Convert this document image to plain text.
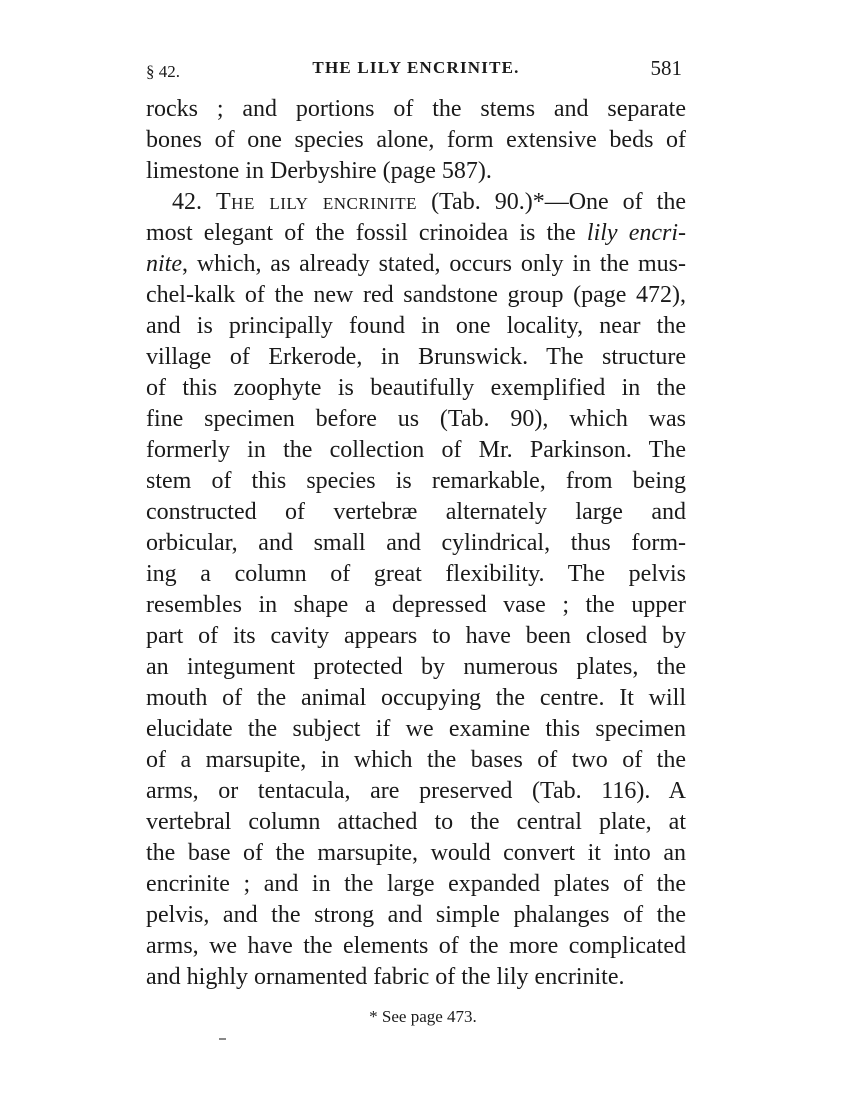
§ 42.	THE LILY ENCRINITE.	581
rocks ; and portions of the stems and separate
bones of one species alone, form extensive beds of
limestone in Derbyshire (page 587).
42. The lily encrinite (Tab. 90.)*—One of the
most elegant of the fossil crinoidea is the lily encri-
nite, which, as already stated, occurs only in the mus-
chel-kalk of the new red sandstone group (page 472),
and is principally found in one locality, near the
village of Erkerode, in Brunswick. The structure
of this zoophyte is beautifully exemplified in the
fine specimen before us (Tab. 90), which was
formerly in the collection of Mr. Parkinson. The
stem of this species is remarkable, from being
constructed of vertebræ alternately large and
orbicular, and small and cylindrical, thus form-
ing a column of great flexibility. The pelvis
resembles in shape a depressed vase ; the upper
part of its cavity appears to have been closed by
an integument protected by numerous plates, the
mouth of the animal occupying the centre. It will
elucidate the subject if we examine this specimen
of a marsupite, in which the bases of two of the
arms, or tentacula, are preserved (Tab. 116). A
vertebral column attached to the central plate, at
the base of the marsupite, would convert it into an
encrinite ; and in the large expanded plates of the
pelvis, and the strong and simple phalanges of the
arms, we have the elements of the more complicated
and highly ornamented fabric of the lily encrinite.
* See page 473.
